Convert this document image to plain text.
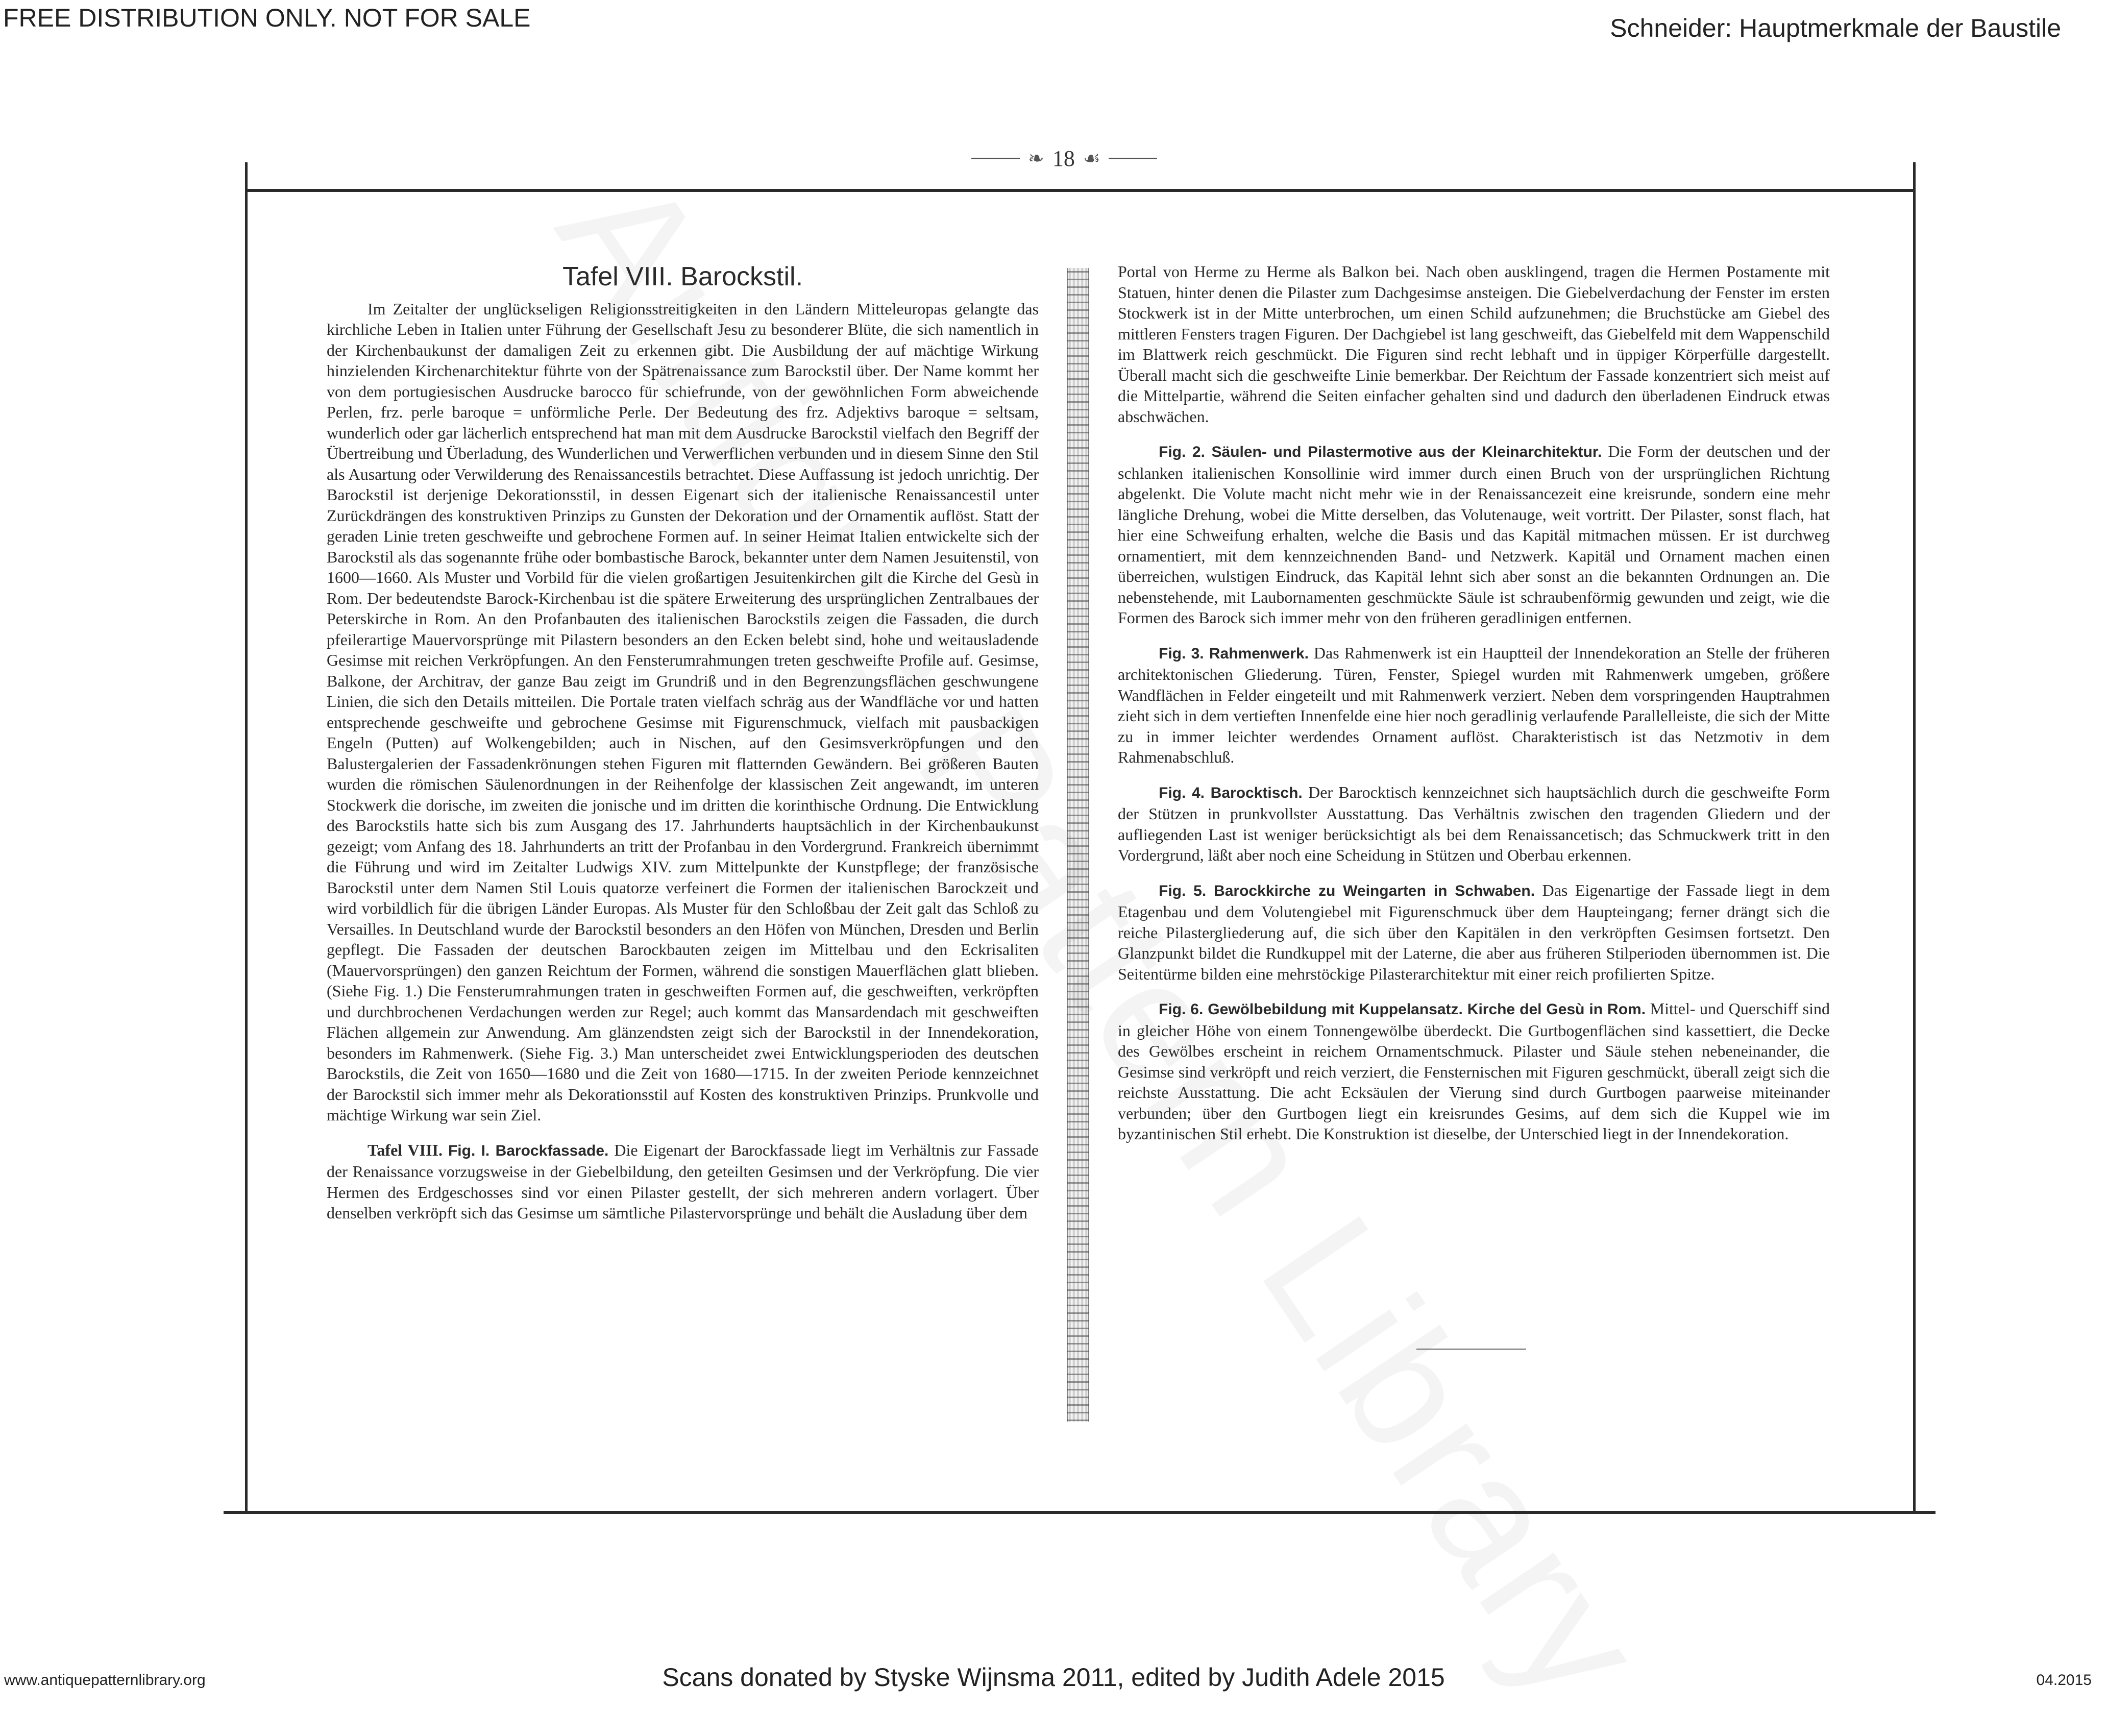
FREE DISTRIBUTION ONLY. NOT FOR SALE	Schneider: Hauptmerkmale der Baustile
❧ 18 ☙
Tafel VIII. Barockstil.

Im Zeitalter der unglückseligen Religionsstreitigkeiten in den Ländern Mitteleuropas gelangte das kirchliche Leben in Italien unter Führung der Gesellschaft Jesu zu besonderer Blüte, die sich namentlich in der Kirchenbaukunst der damaligen Zeit zu erkennen gibt. Die Ausbildung der auf mächtige Wirkung hinzielenden Kirchenarchitektur führte von der Spätrenaissance zum Barockstil über. Der Name kommt her von dem portugiesischen Ausdrucke barocco für schiefrunde, von der gewöhnlichen Form abweichende Perlen, frz. perle baroque = unförmliche Perle. Der Bedeutung des frz. Adjektivs baroque = seltsam, wunderlich oder gar lächerlich entsprechend hat man mit dem Ausdrucke Barockstil vielfach den Begriff der Übertreibung und Überladung, des Wunderlichen und Verwerflichen verbunden und in diesem Sinne den Stil als Ausartung oder Verwilderung des Renaissancestils betrachtet. Diese Auffassung ist jedoch unrichtig. Der Barockstil ist derjenige Dekorationsstil, in dessen Eigenart sich der italienische Renaissancestil unter Zurückdrängen des konstruktiven Prinzips zu Gunsten der Dekoration und der Ornamentik auflöst. Statt der geraden Linie treten geschweifte und gebrochene Formen auf. In seiner Heimat Italien entwickelte sich der Barockstil als das sogenannte frühe oder bombastische Barock, bekannter unter dem Namen Jesuitenstil, von 1600—1660. Als Muster und Vorbild für die vielen großartigen Jesuitenkirchen gilt die Kirche del Gesù in Rom. Der bedeutendste Barock-Kirchenbau ist die spätere Erweiterung des ursprünglichen Zentralbaues der Peterskirche in Rom. An den Profanbauten des italienischen Barockstils zeigen die Fassaden, die durch pfeilerartige Mauervorsprünge mit Pilastern besonders an den Ecken belebt sind, hohe und weitausladende Gesimse mit reichen Verkröpfungen. An den Fensterumrahmungen treten geschweifte Profile auf. Gesimse, Balkone, der Architrav, der ganze Bau zeigt im Grundriß und in den Begrenzungsflächen geschwungene Linien, die sich den Details mitteilen. Die Portale traten vielfach schräg aus der Wandfläche vor und hatten entsprechende geschweifte und gebrochene Gesimse mit Figurenschmuck, vielfach mit pausbackigen Engeln (Putten) auf Wolkengebilden; auch in Nischen, auf den Gesimsverkröpfungen und den Balustergalerien der Fassadenkrönungen stehen Figuren mit flatternden Gewändern. Bei größeren Bauten wurden die römischen Säulenordnungen in der Reihenfolge der klassischen Zeit angewandt, im unteren Stockwerk die dorische, im zweiten die jonische und im dritten die korinthische Ordnung. Die Entwicklung des Barockstils hatte sich bis zum Ausgang des 17. Jahrhunderts hauptsächlich in der Kirchenbaukunst gezeigt; vom Anfang des 18. Jahrhunderts an tritt der Profanbau in den Vordergrund. Frankreich übernimmt die Führung und wird im Zeitalter Ludwigs XIV. zum Mittelpunkte der Kunstpflege; der französische Barockstil unter dem Namen Stil Louis quatorze verfeinert die Formen der italienischen Barockzeit und wird vorbildlich für die übrigen Länder Europas. Als Muster für den Schloßbau der Zeit galt das Schloß zu Versailles. In Deutschland wurde der Barockstil besonders an den Höfen von München, Dresden und Berlin gepflegt. Die Fassaden der deutschen Barockbauten zeigen im Mittelbau und den Eckrisaliten (Mauervorsprüngen) den ganzen Reichtum der Formen, während die sonstigen Mauerflächen glatt blieben. (Siehe Fig. 1.) Die Fensterumrahmungen traten in geschweiften Formen auf, die geschweiften, verkröpften und durchbrochenen Verdachungen werden zur Regel; auch kommt das Mansardendach mit geschweiften Flächen allgemein zur Anwendung. Am glänzendsten zeigt sich der Barockstil in der Innendekoration, besonders im Rahmenwerk. (Siehe Fig. 3.) Man unterscheidet zwei Entwicklungsperioden des deutschen Barockstils, die Zeit von 1650—1680 und die Zeit von 1680—1715. In der zweiten Periode kennzeichnet der Barockstil sich immer mehr als Dekorationsstil auf Kosten des konstruktiven Prinzips. Prunkvolle und mächtige Wirkung war sein Ziel.

Tafel VIII. Fig. I. Barockfassade. Die Eigenart der Barockfassade liegt im Verhältnis zur Fassade der Renaissance vorzugsweise in der Giebelbildung, den geteilten Gesimsen und der Verkröpfung. Die vier Hermen des Erdgeschosses sind vor einen Pilaster gestellt, der sich mehreren andern vorlagert. Über denselben verkröpft sich das Gesimse um sämtliche Pilastervorsprünge und behält die Ausladung über dem

Portal von Herme zu Herme als Balkon bei. Nach oben ausklingend, tragen die Hermen Postamente mit Statuen, hinter denen die Pilaster zum Dachgesimse ansteigen. Die Giebelverdachung der Fenster im ersten Stockwerk ist in der Mitte unterbrochen, um einen Schild aufzunehmen; die Bruchstücke am Giebel des mittleren Fensters tragen Figuren. Der Dachgiebel ist lang geschweift, das Giebelfeld mit dem Wappenschild im Blattwerk reich geschmückt. Die Figuren sind recht lebhaft und in üppiger Körperfülle dargestellt. Überall macht sich die geschweifte Linie bemerkbar. Der Reichtum der Fassade konzentriert sich meist auf die Mittelpartie, während die Seiten einfacher gehalten sind und dadurch den überladenen Eindruck etwas abschwächen.

Fig. 2. Säulen- und Pilastermotive aus der Kleinarchitektur. Die Form der deutschen und der schlanken italienischen Konsollinie wird immer durch einen Bruch von der ursprünglichen Richtung abgelenkt. Die Volute macht nicht mehr wie in der Renaissancezeit eine kreisrunde, sondern eine mehr längliche Drehung, wobei die Mitte derselben, das Volutenauge, weit vortritt. Der Pilaster, sonst flach, hat hier eine Schweifung erhalten, welche die Basis und das Kapitäl mitmachen müssen. Er ist durchweg ornamentiert, mit dem kennzeichnenden Band- und Netzwerk. Kapitäl und Ornament machen einen überreichen, wulstigen Eindruck, das Kapitäl lehnt sich aber sonst an die bekannten Ordnungen an. Die nebenstehende, mit Laubornamenten geschmückte Säule ist schraubenförmig gewunden und zeigt, wie die Formen des Barock sich immer mehr von den früheren geradlinigen entfernen.

Fig. 3. Rahmenwerk. Das Rahmenwerk ist ein Hauptteil der Innendekoration an Stelle der früheren architektonischen Gliederung. Türen, Fenster, Spiegel wurden mit Rahmenwerk umgeben, größere Wandflächen in Felder eingeteilt und mit Rahmenwerk verziert. Neben dem vorspringenden Hauptrahmen zieht sich in dem vertieften Innenfelde eine hier noch geradlinig verlaufende Parallelleiste, die sich der Mitte zu in immer leichter werdendes Ornament auflöst. Charakteristisch ist das Netzmotiv in dem Rahmenabschluß.

Fig. 4. Barocktisch. Der Barocktisch kennzeichnet sich hauptsächlich durch die geschweifte Form der Stützen in prunkvollster Ausstattung. Das Verhältnis zwischen den tragenden Gliedern und der aufliegenden Last ist weniger berücksichtigt als bei dem Renaissancetisch; das Schmuckwerk tritt in den Vordergrund, läßt aber noch eine Scheidung in Stützen und Oberbau erkennen.

Fig. 5. Barockkirche zu Weingarten in Schwaben. Das Eigenartige der Fassade liegt in dem Etagenbau und dem Volutengiebel mit Figurenschmuck über dem Haupteingang; ferner drängt sich die reiche Pilastergliederung auf, die sich über den Kapitälen in den verkröpften Gesimsen fortsetzt. Den Glanzpunkt bildet die Rundkuppel mit der Laterne, die aber aus früheren Stilperioden übernommen ist. Die Seitentürme bilden eine mehrstöckige Pilasterarchitektur mit einer reich profilierten Spitze.

Fig. 6. Gewölbebildung mit Kuppelansatz. Kirche del Gesù in Rom. Mittel- und Querschiff sind in gleicher Höhe von einem Tonnengewölbe überdeckt. Die Gurtbogenflächen sind kassettiert, die Decke des Gewölbes erscheint in reichem Ornamentschmuck. Pilaster und Säule stehen nebeneinander, die Gesimse sind verkröpft und reich verziert, die Fensternischen mit Figuren geschmückt, überall zeigt sich die reichste Ausstattung. Die acht Ecksäulen der Vierung sind durch Gurtbogen paarweise miteinander verbunden; über den Gurtbogen liegt ein kreisrundes Gesims, auf dem sich die Kuppel wie im byzantinischen Stil erhebt. Die Konstruktion ist dieselbe, der Unterschied liegt in der Innendekoration.

www.antiquepatternlibrary.org	Scans donated by Styske Wijnsma 2011, edited by Judith Adele 2015	04.2015
